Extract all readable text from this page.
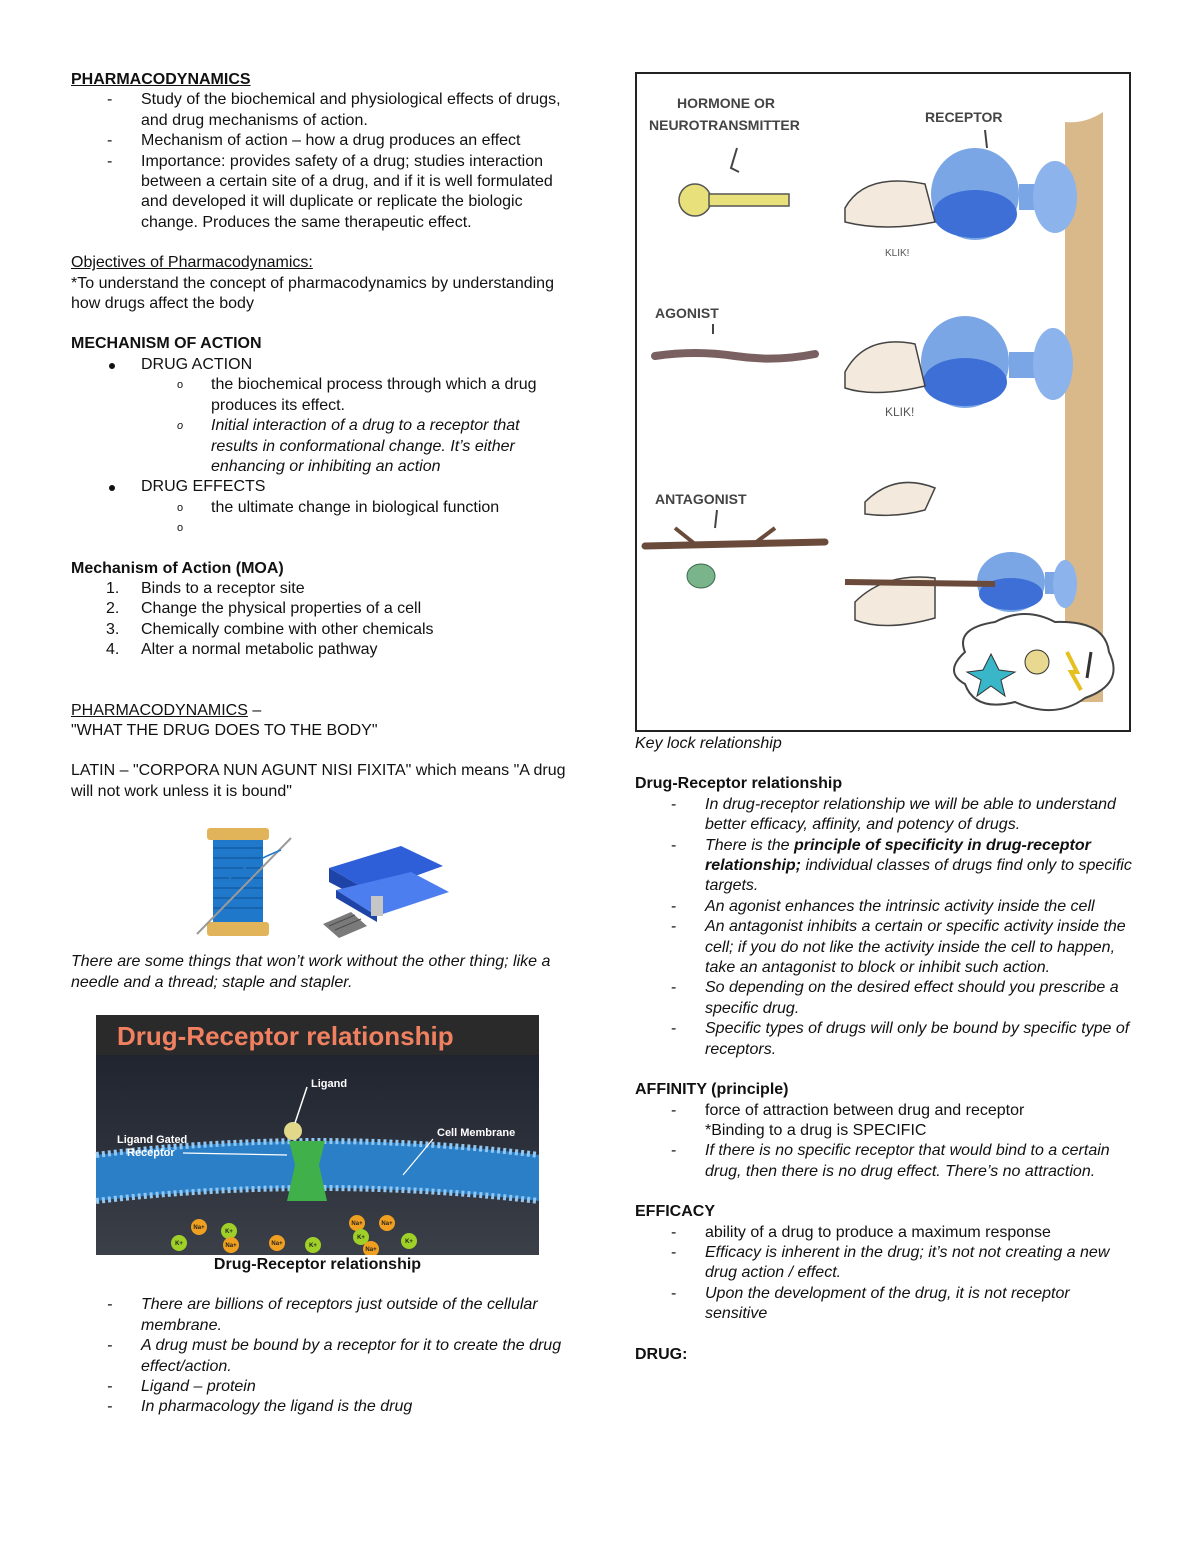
PHARMACODYNAMICS
- Study of the biochemical and physiological effects of drugs, and drug mechanisms of action.
- Mechanism of action – how a drug produces an effect
- Importance: provides safety of a drug; studies interaction between a certain site of a drug, and if it is well formulated and developed it will duplicate or replicate the biologic change. Produces the same therapeutic effect.
Objectives of Pharmacodynamics:
*To understand the concept of pharmacodynamics by understanding how drugs affect the body
MECHANISM OF ACTION
DRUG ACTION
o the biochemical process through which a drug produces its effect.
o Initial interaction of a drug to a receptor that results in conformational change. It’s either enhancing or inhibiting an action
DRUG EFFECTS
o the ultimate change in biological function
o
Mechanism of Action (MOA)
1. Binds to a receptor site
2. Change the physical properties of a cell
3. Chemically combine with other chemicals
4. Alter a normal metabolic pathway
PHARMACODYNAMICS –
"WHAT THE DRUG DOES TO THE BODY"
LATIN – "CORPORA NUN AGUNT NISI FIXITA" which means "A drug will not work unless it is bound"
There are some things that won’t work without the other thing; like a needle and a thread; staple and stapler.
Drug-Receptor relationship
Ligand
Ligand Gated
Receptor
Cell Membrane
Na+
K+
K+
Na+	Na+	K+
Na+
K+
Na+
Na+
K+
Drug-Receptor relationship
- There are billions of receptors just outside of the cellular membrane.
- A drug must be bound by a receptor for it to create the drug effect/action.
- Ligand – protein
- In pharmacology the ligand is the drug
HORMONE OR
NEUROTRANSMITTER	RECEPTOR
AGONIST
ANTAGONIST
KLIK!
KLIK!
Key lock relationship
Drug-Receptor relationship
- In drug-receptor relationship we will be able to understand better efficacy, affinity, and potency of drugs.
- There is the principle of specificity in drug-receptor relationship; individual classes of drugs find only to specific targets.
- An agonist enhances the intrinsic activity inside the cell
- An antagonist inhibits a certain or specific activity inside the cell; if you do not like the activity inside the cell to happen, take an antagonist to block or inhibit such action.
- So depending on the desired effect should you prescribe a specific drug.
- Specific types of drugs will only be bound by specific type of receptors.
AFFINITY (principle)
- force of attraction between drug and receptor
*Binding to a drug is SPECIFIC
- If there is no specific receptor that would bind to a certain drug, then there is no drug effect. There’s no attraction.
EFFICACY
- ability of a drug to produce a maximum response
- Efficacy is inherent in the drug; it’s not not creating a new drug action / effect.
- Upon the development of the drug, it is not receptor sensitive
DRUG:
